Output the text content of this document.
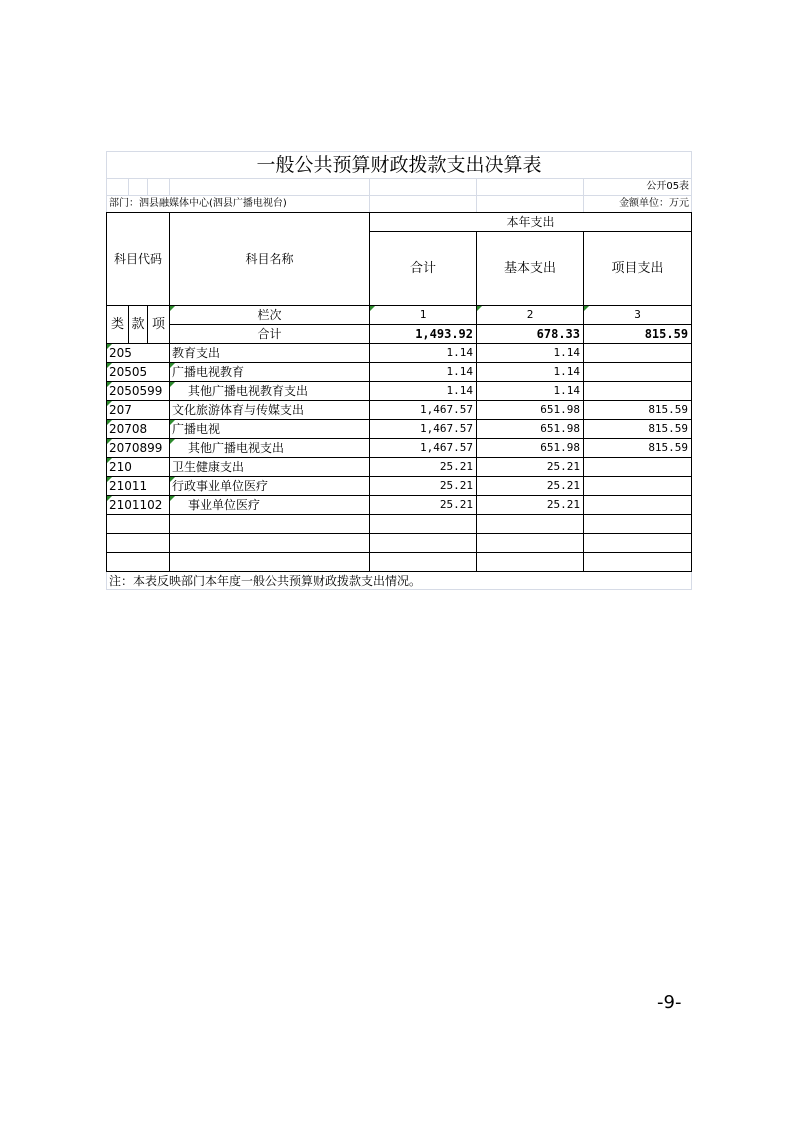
一般公共预算财政拨款支出决算表						
						公开05表
部门：泗县融媒体中心(泗县广播电视台)						金额单位：万元
科目代码			科目名称	本年支出		
				合计	基本支出	项目支出

类	款	项	栏次	1	2	3
			合计	1,493.92	678.33	815.59
205			教育支出	1.14	1.14	
20505			广播电视教育	1.14	1.14	
2050599			其他广播电视教育支出	1.14	1.14	
207			文化旅游体育与传媒支出	1,467.57	651.98	815.59
20708			广播电视	1,467.57	651.98	815.59
2070899			其他广播电视支出	1,467.57	651.98	815.59
210			卫生健康支出	25.21	25.21	
21011			行政事业单位医疗	25.21	25.21	
2101102			事业单位医疗	25.21	25.21	

注：本表反映部门本年度一般公共预算财政拨款支出情况。						
-9-
